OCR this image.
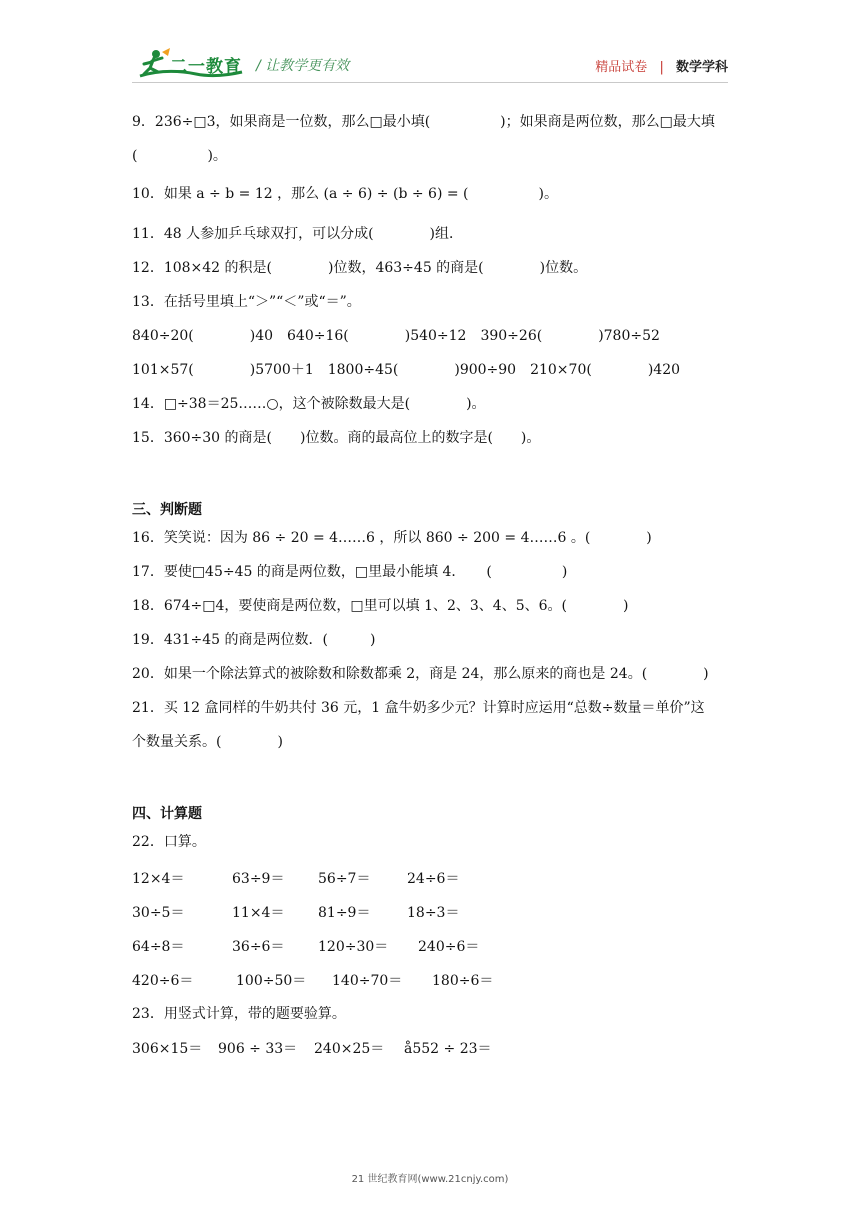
二一教育 / 让教学更有效	精品试卷 | 数学学科
9．236÷□3，如果商是一位数，那么□最小填(　　　　　)；如果商是两位数，那么□最大填
(　　　　　)。
10．如果 a ÷ b = 12 ，那么 (a ÷ 6) ÷ (b ÷ 6) = (　　　　　)。
11．48 人参加乒乓球双打，可以分成(　　　　)组．
12．108×42 的积是(　　　　)位数，463÷45 的商是(　　　　)位数。
13．在括号里填上“＞”“＜”或“＝”。
840÷20(　　　　)40　640÷16(　　　　)540÷12　390÷26(　　　　)780÷52
101×57(　　　　)5700＋1　1800÷45(　　　　)900÷90　210×70(　　　　)420
14．□÷38＝25……○，这个被除数最大是(　　　　)。
15．360÷30 的商是(　　)位数。商的最高位上的数字是(　　)。
三、判断题
16．笑笑说：因为 86 ÷ 20 = 4……6 ，所以 860 ÷ 200 = 4……6 。(　　　　)
17．要使□45÷45 的商是两位数，□里最小能填 4．　　(　　　　　)
18．674÷□4，要使商是两位数，□里可以填 1、2、3、4、5、6。(　　　　)
19．431÷45 的商是两位数．(　　　)
20．如果一个除法算式的被除数和除数都乘 2，商是 24，那么原来的商也是 24。(　　　　)
21．买 12 盒同样的牛奶共付 36 元，1 盒牛奶多少元？计算时应运用“总数÷数量＝单价”这
个数量关系。(　　　　)
四、计算题
22．口算。
12×4＝	63÷9＝ 56÷7＝	24÷6＝
30÷5＝	11×4＝ 81÷9＝	18÷3＝
64÷8＝	36÷6＝ 120÷30＝ 240÷6＝
420÷6＝	100÷50＝ 140÷70＝ 180÷6＝
23．用竖式计算，带的题要验算。
306×15＝ 906 ÷ 33＝ 240×25＝ å552 ÷ 23＝
21 世纪教育网(www.21cnjy.com)
